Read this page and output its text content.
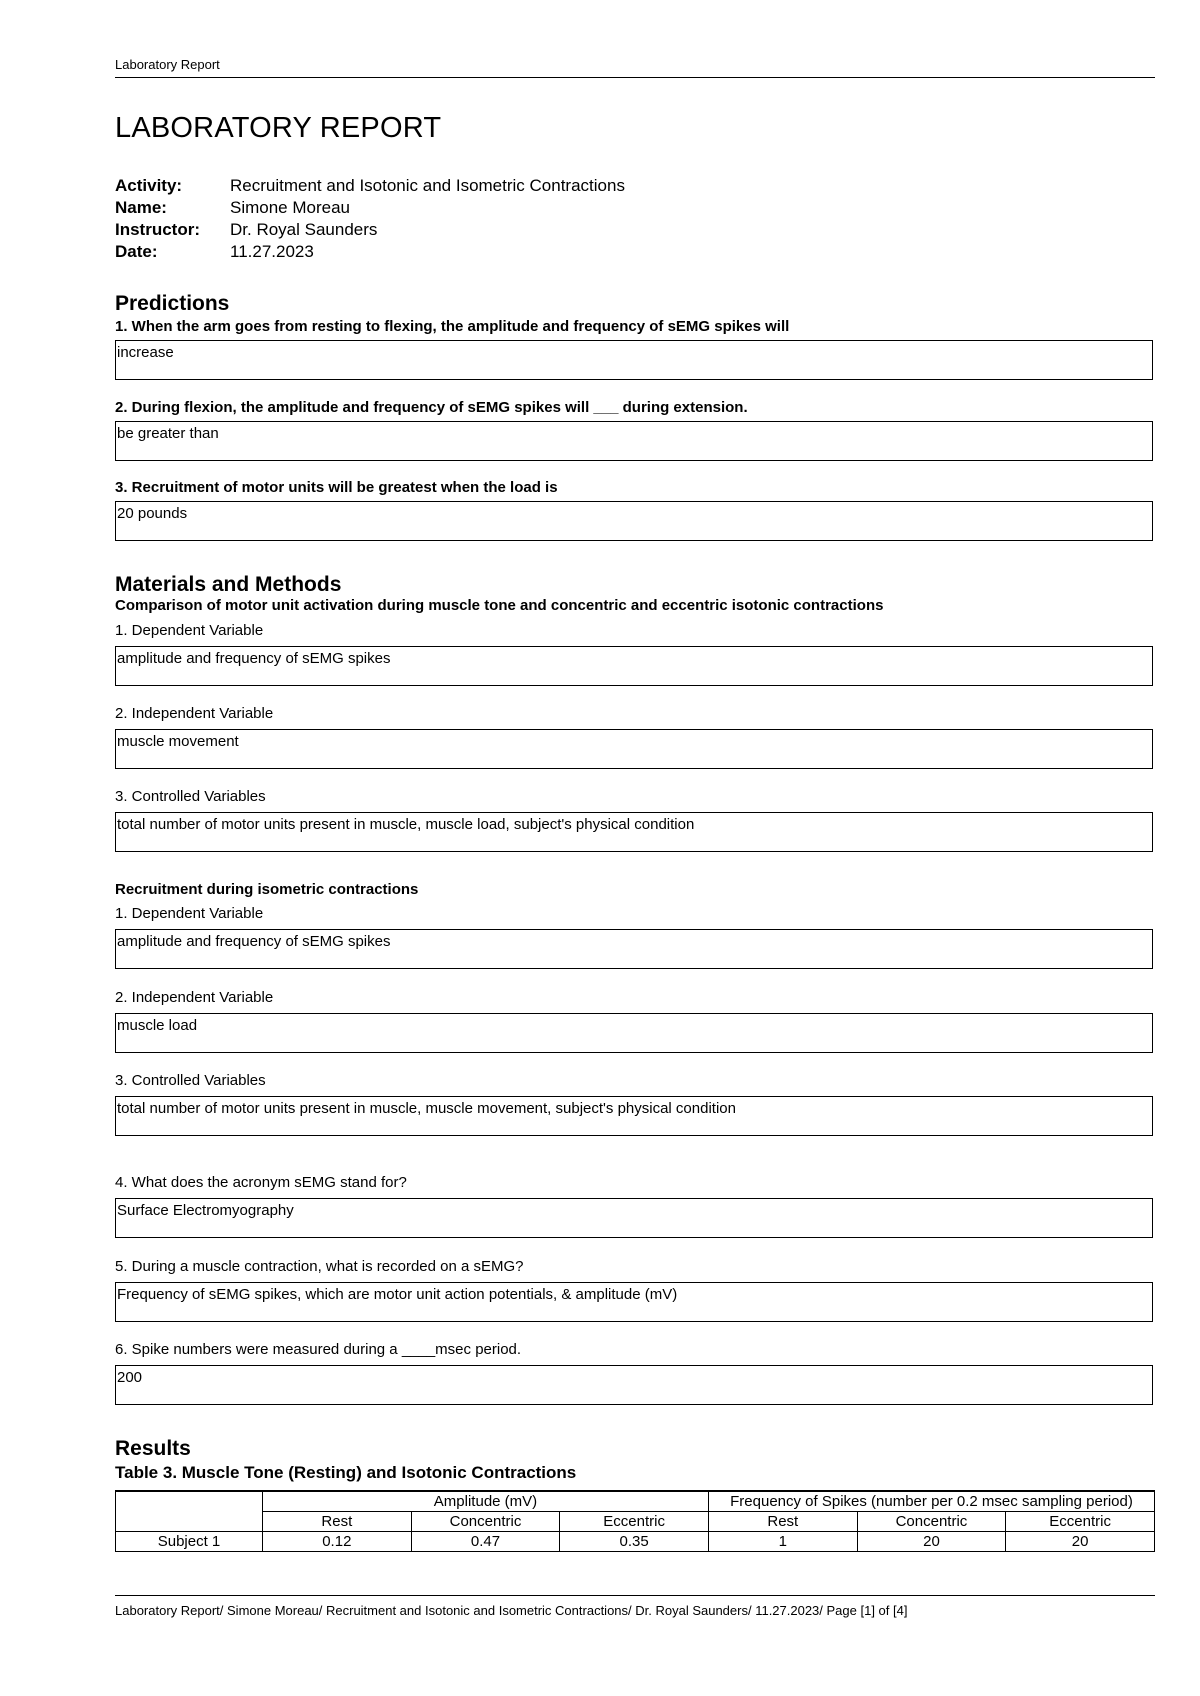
Laboratory Report
LABORATORY REPORT
Activity:	Recruitment and Isotonic and Isometric Contractions
Name:	Simone Moreau
Instructor:	Dr. Royal Saunders
Date:	11.27.2023
Predictions
1. When the arm goes from resting to flexing, the amplitude and frequency of sEMG spikes will
increase
2. During flexion, the amplitude and frequency of sEMG spikes will ___ during extension.
be greater than
3. Recruitment of motor units will be greatest when the load is
20 pounds
Materials and Methods
Comparison of motor unit activation during muscle tone and concentric and eccentric isotonic contractions
1. Dependent Variable
amplitude and frequency of sEMG spikes
2. Independent Variable
muscle movement
3. Controlled Variables
total number of motor units present in muscle, muscle load, subject's physical condition
Recruitment during isometric contractions
1. Dependent Variable
amplitude and frequency of sEMG spikes
2. Independent Variable
muscle load
3. Controlled Variables
total number of motor units present in muscle, muscle movement, subject's physical condition
4. What does the acronym sEMG stand for?
Surface Electromyography
5. During a muscle contraction, what is recorded on a sEMG?
Frequency of sEMG spikes, which are motor unit action potentials, & amplitude (mV)
6. Spike numbers were measured during a ____msec period.
200
Results
Table 3. Muscle Tone (Resting) and Isotonic Contractions
	Amplitude (mV)			Frequency of Spikes (number per 0.2 msec sampling period)		
	Rest	Concentric	Eccentric	Rest	Concentric	Eccentric
Subject 1	0.12	0.47	0.35	1	20	20
Laboratory Report/ Simone Moreau/ Recruitment and Isotonic and Isometric Contractions/ Dr. Royal Saunders/ 11.27.2023/ Page [1] of [4]
